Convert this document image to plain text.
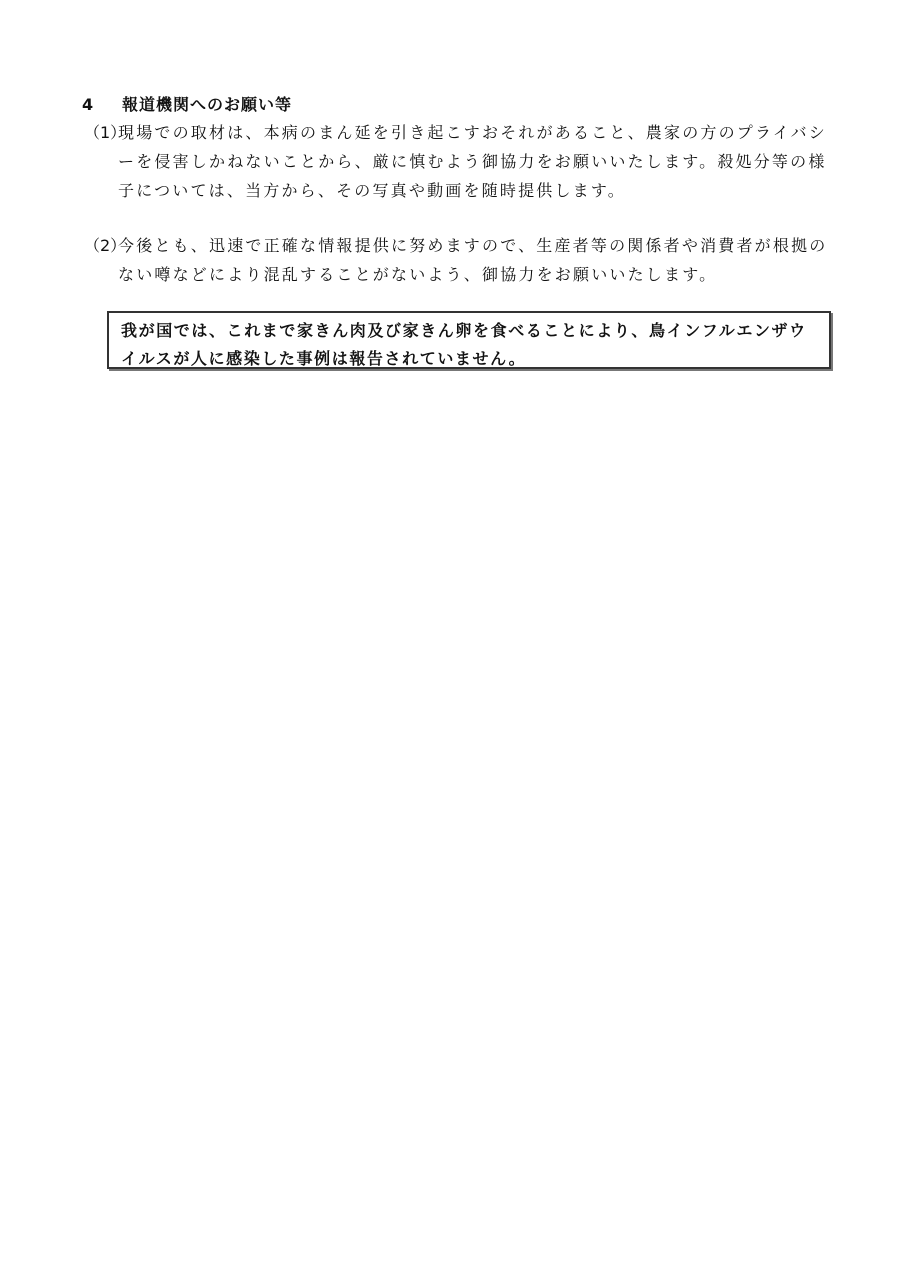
4 報道機関へのお願い等
（1）
現場での取材は、本病のまん延を引き起こすおそれがあること、農家の方のプライバシーを侵害しかねないことから、厳に慎むよう御協力をお願いいたします。殺処分等の様子については、当方から、その写真や動画を随時提供します。
（2）
今後とも、迅速で正確な情報提供に努めますので、生産者等の関係者や消費者が根拠のない噂などにより混乱することがないよう、御協力をお願いいたします。
我が国では、これまで家きん肉及び家きん卵を食べることにより、鳥インフルエンザウイルスが人に感染した事例は報告されていません。
